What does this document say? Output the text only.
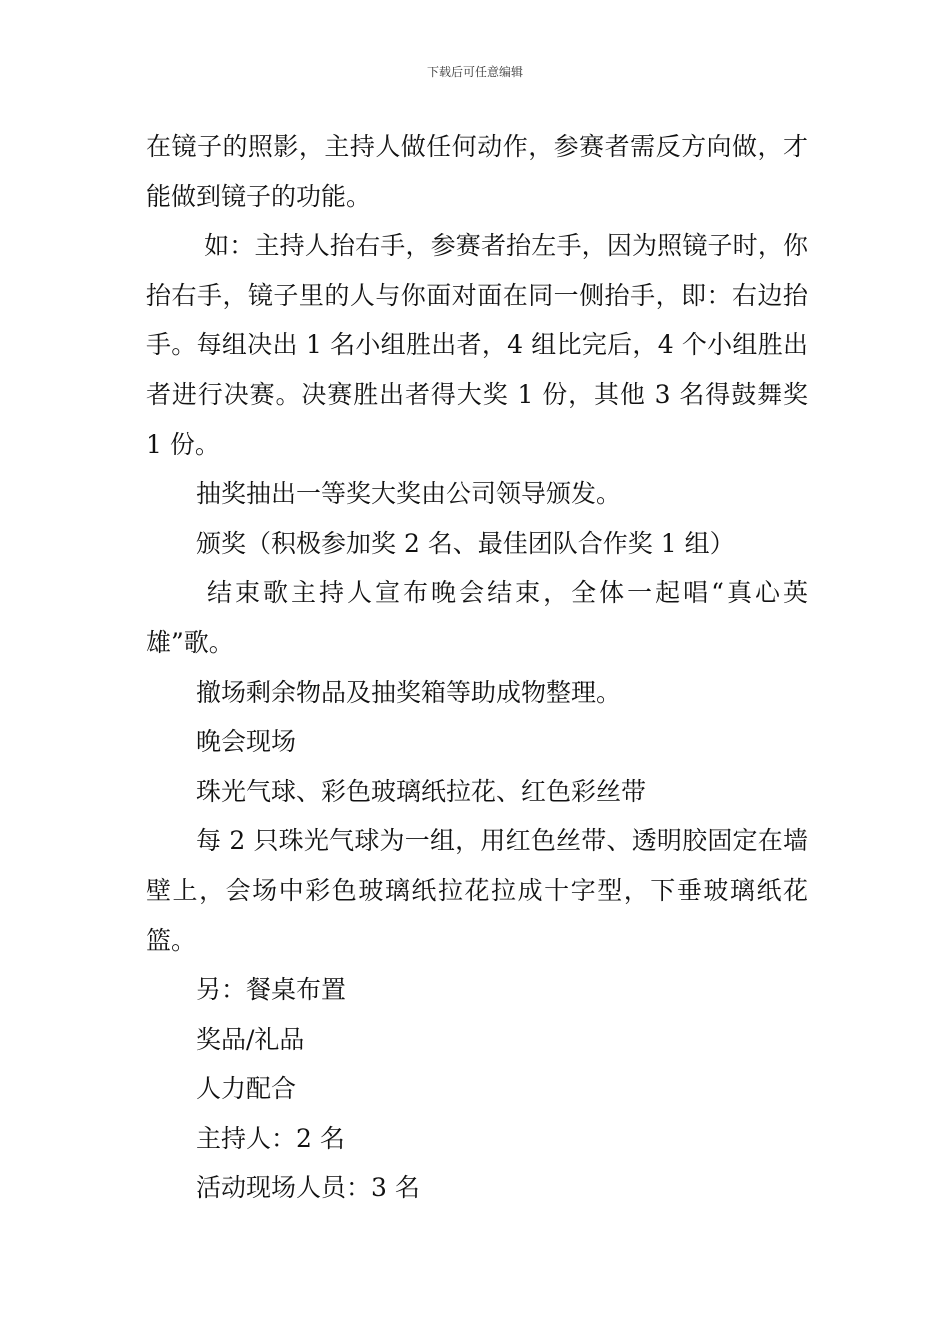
下载后可任意编辑

在镜子的照影，主持人做任何动作，参赛者需反方向做，才能做到镜子的功能。

如：主持人抬右手，参赛者抬左手，因为照镜子时，你抬右手，镜子里的人与你面对面在同一侧抬手，即：右边抬手。每组决出 1 名小组胜出者，4 组比完后，4 个小组胜出者进行决赛。决赛胜出者得大奖 1 份，其他 3 名得鼓舞奖 1 份。

抽奖抽出一等奖大奖由公司领导颁发。

颁奖（积极参加奖 2 名、最佳团队合作奖 1 组）

结束歌主持人宣布晚会结束，全体一起唱“真心英雄”歌。

撤场剩余物品及抽奖箱等助成物整理。

晚会现场

珠光气球、彩色玻璃纸拉花、红色彩丝带

每 2 只珠光气球为一组，用红色丝带、透明胶固定在墙壁上，会场中彩色玻璃纸拉花拉成十字型，下垂玻璃纸花篮。

另：餐桌布置

奖品/礼品

人力配合

主持人：2 名

活动现场人员：3 名
